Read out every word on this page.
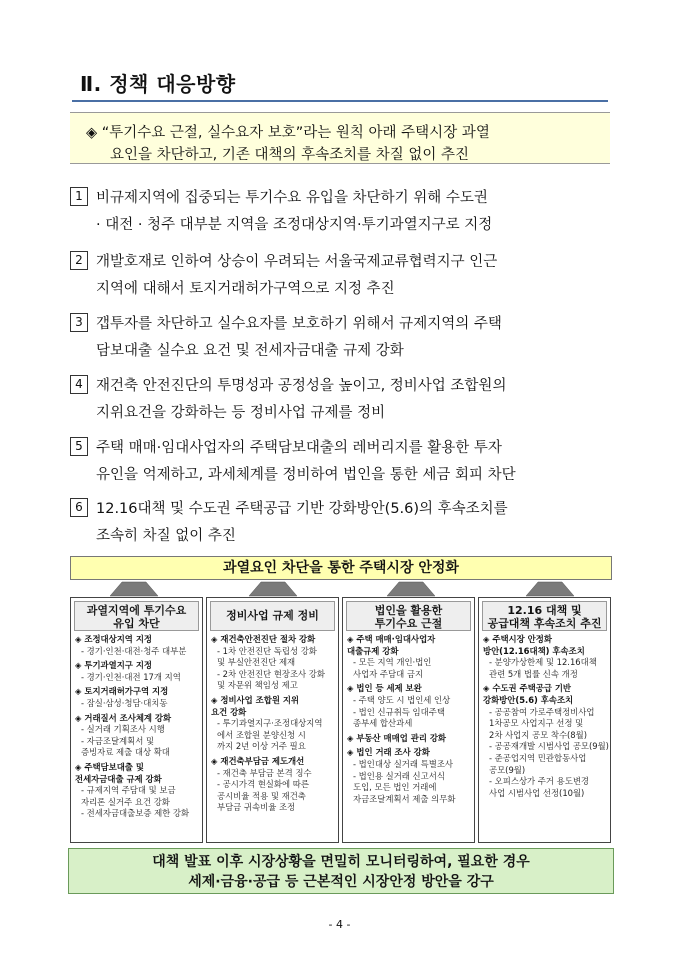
Ⅱ. 정책 대응방향
◈ “투기수요 근절, 실수요자 보호”라는 원칙 아래 주택시장 과열
요인을 차단하고, 기존 대책의 후속조치를 차질 없이 추진
1 비규제지역에 집중되는 투기수요 유입을 차단하기 위해 수도권
· 대전 · 청주 대부분 지역을 조정대상지역·투기과열지구로 지정
2 개발호재로 인하여 상승이 우려되는 서울국제교류협력지구 인근
지역에 대해서 토지거래허가구역으로 지정 추진
3 갭투자를 차단하고 실수요자를 보호하기 위해서 규제지역의 주택
담보대출 실수요 요건 및 전세자금대출 규제 강화
4 재건축 안전진단의 투명성과 공정성을 높이고, 정비사업 조합원의
지위요건을 강화하는 등 정비사업 규제를 정비
5 주택 매매·임대사업자의 주택담보대출의 레버리지를 활용한 투자
유인을 억제하고, 과세체계를 정비하여 법인을 통한 세금 회피 차단
6 12.16대책 및 수도권 주택공급 기반 강화방안(5.6)의 후속조치를
조속히 차질 없이 추진
과열요인 차단을 통한 주택시장 안정화
과열지역에 투기수요
유입 차단
◈ 조정대상지역 지정
- 경기·인천·대전·청주 대부분
◈ 투기과열지구 지정
- 경기·인천·대전 17개 지역
◈ 토지거래허가구역 지정
- 잠실·삼성·청담·대치동
◈ 거래질서 조사체계 강화
- 실거래 기획조사 시행
- 자금조달계획서 및
증빙자료 제출 대상 확대
◈ 주택담보대출 및
전세자금대출 규제 강화
- 규제지역 주담대 및 보금
자리론 실거주 요건 강화
- 전세자금대출보증 제한 강화
정비사업 규제 정비
◈ 재건축안전진단 절차 강화
- 1차 안전진단 독립성 강화
및 부실안전진단 제재
- 2차 안전진단 현장조사 강화
및 자문위 책임성 제고
◈ 정비사업 조합원 지위
요건 강화
- 투기과열지구·조정대상지역
에서 조합원 분양신청 시
까지 2년 이상 거주 필요
◈ 재건축부담금 제도개선
- 재건축 부담금 본격 징수
- 공시가격 현실화에 따른
공시비율 적용 및 재건축
부담금 귀속비율 조정
법인을 활용한
투기수요 근절
◈ 주택 매매·임대사업자
대출규제 강화
- 모든 지역 개인·법인
사업자 주담대 금지
◈ 법인 등 세제 보완
- 주택 양도 시 법인세 인상
- 법인 신규취득 임대주택
종부세 합산과세
◈ 부동산 매매업 관리 강화
◈ 법인 거래 조사 강화
- 법인대상 실거래 특별조사
- 법인용 실거래 신고서식
도입, 모든 법인 거래에
자금조달계획서 제출 의무화
12.16 대책 및
공급대책 후속조치 추진
◈ 주택시장 안정화
방안(12.16대책) 후속조치
- 분양가상한제 및 12.16대책
관련 5개 법률 신속 개정
◈ 수도권 주택공급 기반
강화방안(5.6) 후속조치
- 공공참여 가로주택정비사업
1차공모 사업지구 선정 및
2차 사업지 공모 착수(8월)
- 공공재개발 시범사업 공모(9월)
- 준공업지역 민관합동사업
공모(9월)
- 오피스상가 주거 용도변경
사업 시범사업 선정(10월)
대책 발표 이후 시장상황을 면밀히 모니터링하여, 필요한 경우
세제·금융·공급 등 근본적인 시장안정 방안을 강구
- 4 -
